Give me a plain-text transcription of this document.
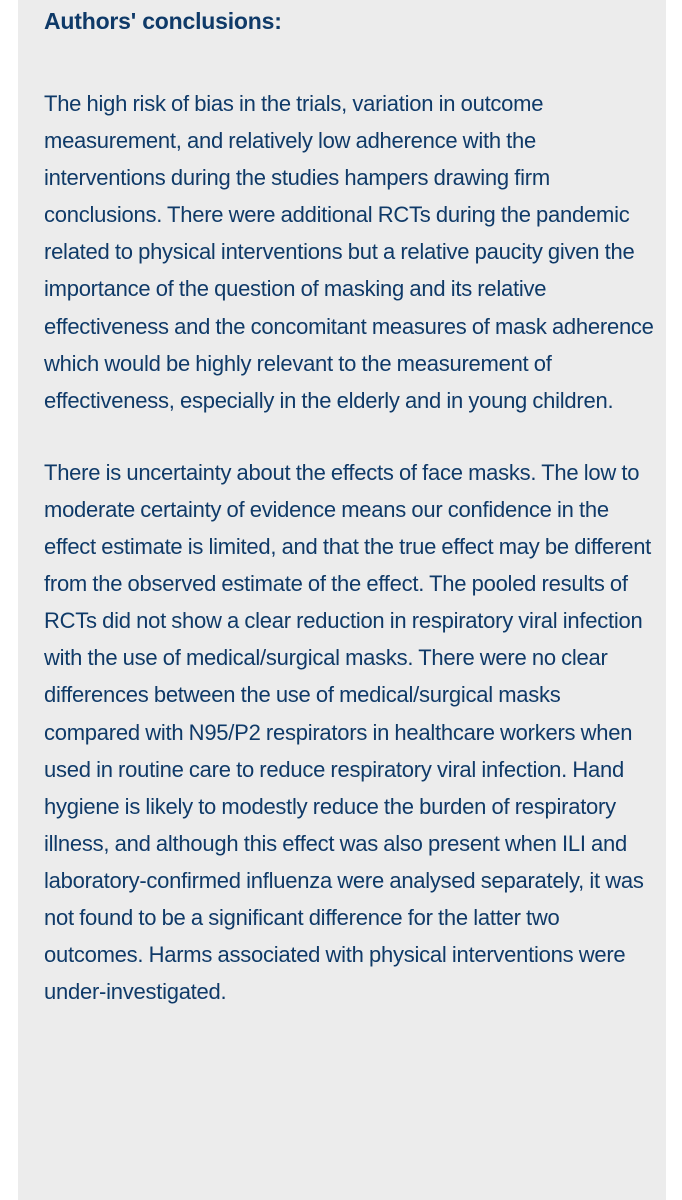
Authors' conclusions:

The high risk of bias in the trials, variation in outcome measurement, and relatively low adherence with the interventions during the studies hampers drawing firm conclusions. There were additional RCTs during the pandemic related to physical interventions but a relative paucity given the importance of the question of masking and its relative effectiveness and the concomitant measures of mask adherence which would be highly relevant to the measurement of effectiveness, especially in the elderly and in young children.

There is uncertainty about the effects of face masks. The low to moderate certainty of evidence means our confidence in the effect estimate is limited, and that the true effect may be different from the observed estimate of the effect. The pooled results of RCTs did not show a clear reduction in respiratory viral infection with the use of medical/surgical masks. There were no clear differences between the use of medical/surgical masks compared with N95/P2 respirators in healthcare workers when used in routine care to reduce respiratory viral infection. Hand hygiene is likely to modestly reduce the burden of respiratory illness, and although this effect was also present when ILI and laboratory-confirmed influenza were analysed separately, it was not found to be a significant difference for the latter two outcomes. Harms associated with physical interventions were under-investigated.
